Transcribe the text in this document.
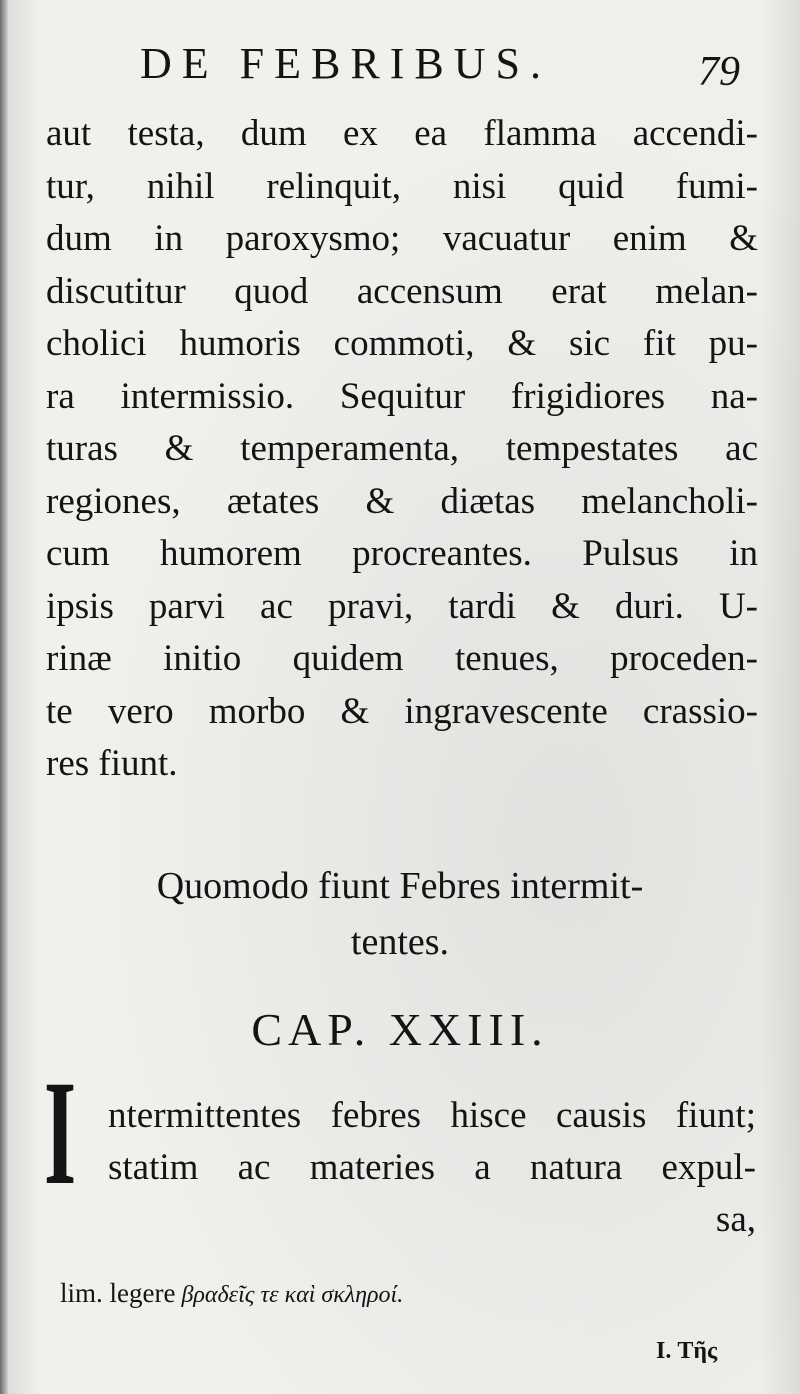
DE FEBRIBUS.	79
aut testa, dum ex ea flamma accendi-
tur, nihil relinquit, nisi quid fumi-
dum in paroxysmo; vacuatur enim &
discutitur quod accensum erat melan-
cholici humoris commoti, & sic fit pu-
ra intermissio. Sequitur frigidiores na-
turas & temperamenta, tempestates ac
regiones, ætates & diætas melancholi-
cum humorem procreantes. Pulsus in
ipsis parvi ac pravi, tardi & duri. U-
rinæ initio quidem tenues, proceden-
te vero morbo & ingravescente crassio-
res fiunt.
Quomodo fiunt Febres intermit-
tentes.
CAP. XXIII.
I ntermittentes febres hisce causis fiunt;
statim ac materies a natura expul-
sa,
lim. legere βραδεῖς τε καὶ σκληροί.
I. Τῆς
